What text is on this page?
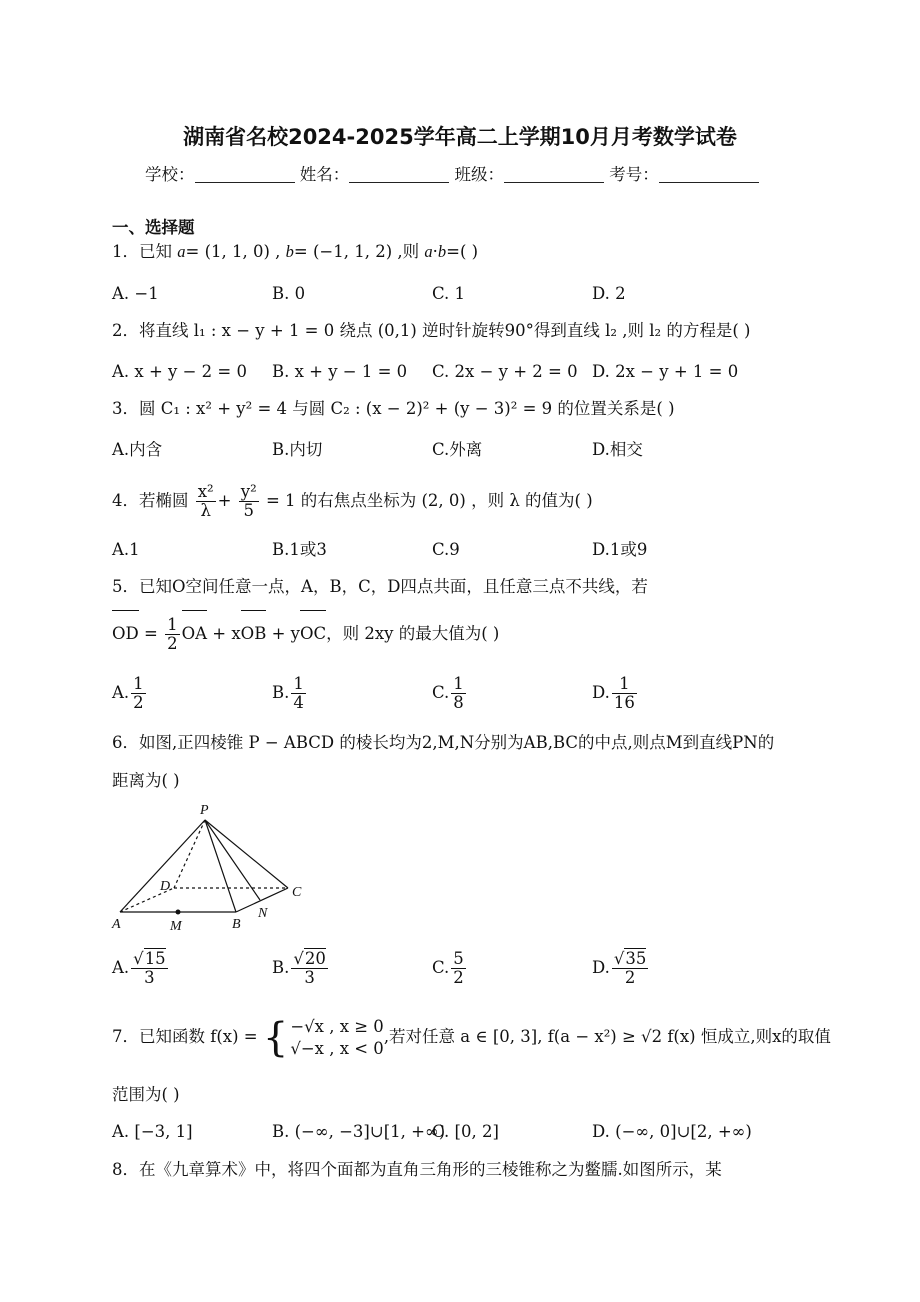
湖南省名校2024-2025学年高二上学期10月月考数学试卷
学校：	姓名：	班级：	考号：
一、选择题
1．已知 a= (1, 1, 0) , b= (−1, 1, 2) ,则 a·b=( )
A. −1	B. 0	C. 1	D. 2
2．将直线 l₁ : x − y + 1 = 0 绕点 (0,1) 逆时针旋转90°得到直线 l₂ ,则 l₂ 的方程是( )
A. x + y − 2 = 0 B. x + y − 1 = 0 C. 2x − y + 2 = 0 D. 2x − y + 1 = 0
3．圆 C₁ : x² + y² = 4 与圆 C₂ : (x − 2)² + (y − 3)² = 9 的位置关系是( )
A.内含	B.内切	C.外离	D.相交
4．若椭圆 $\frac{\text{x²}}{\lambda} + \frac{\text{y²}}{5} = 1$ 的右焦点坐标为 (2, 0) ，则 λ 的值为( )
A.1	B.1或3	C.9	D.1或9
5．已知O空间任意一点，A，B，C，D四点共面，且任意三点不共线，若
OD = $\frac{1}{2}$ OA + xOB + yOC，则 2xy 的最大值为( )
A. $\frac{1}{2}$	B. $\frac{1}{4}$	C. $\frac{1}{8}$	D. $\frac{1}{16}$
6．如图,正四棱锥 P − ABCD 的棱长均为2,M,N分别为AB,BC的中点,则点M到直线PN的
距离为( )
P
A	B
C
D
M
N
A. $\frac{√15}{3}$	B. $\frac{√20}{3}$	C. $\frac{5}{2}$	D. $\frac{√35}{2}$
7．已知函数 f(x) = { −√x , x ≥ 0
√−x , x < 0
,若对任意 a ∈ [0, 3], f(a − x²) ≥ √2 f(x) 恒成立,则x的取值
范围为( )
A. [−3, 1]	B. (−∞, −3]∪[1, +∞)
C. [0, 2]	D. (−∞, 0]∪[2, +∞)
8．在《九章算术》中，将四个面都为直角三角形的三棱锥称之为鳖臑.如图所示，某
